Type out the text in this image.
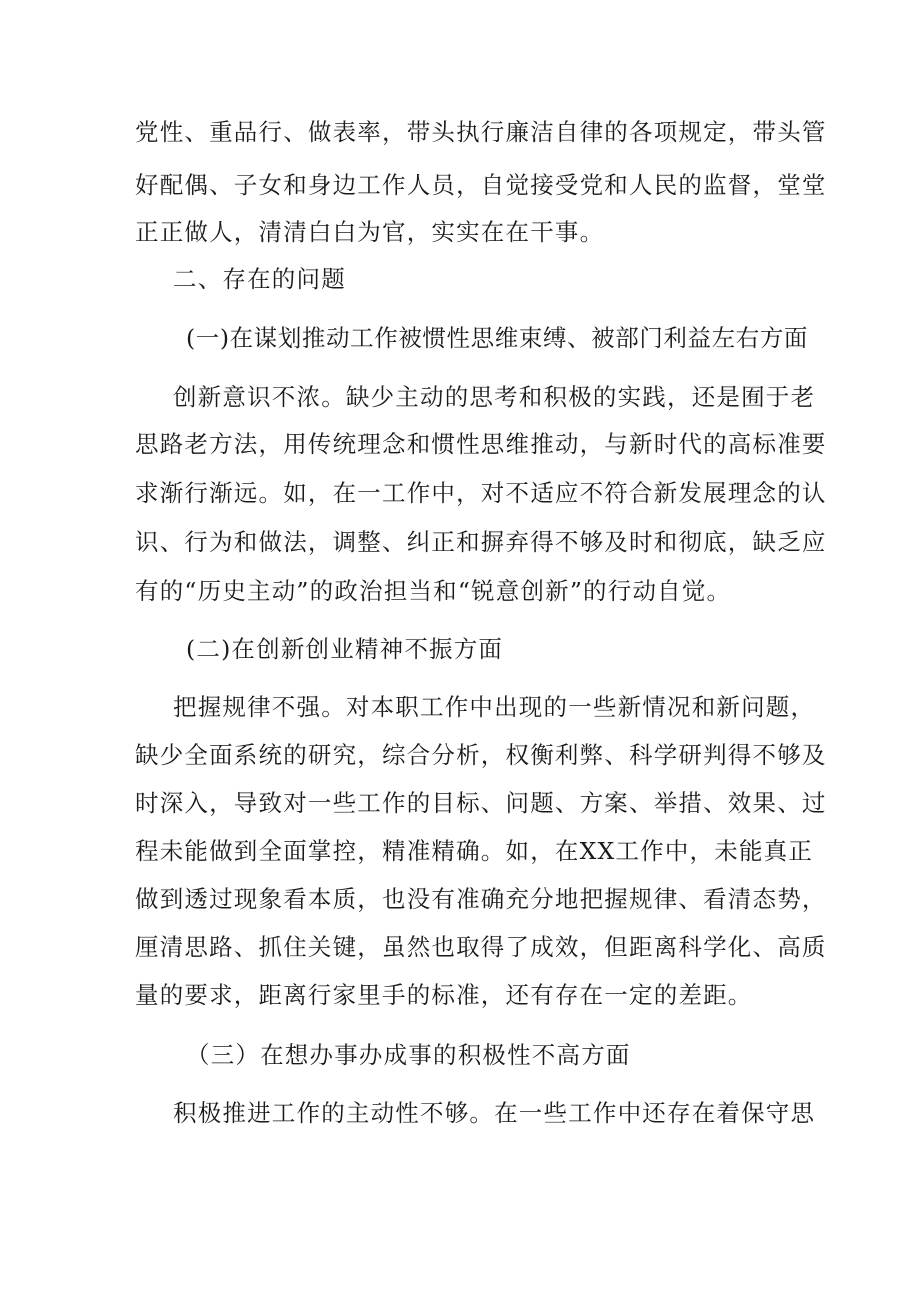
党性、重品行、做表率，带头执行廉洁自律的各项规定，带头管
好配偶、子女和身边工作人员，自觉接受党和人民的监督，堂堂
正正做人，清清白白为官，实实在在干事。
二、存在的问题
(一)在谋划推动工作被惯性思维束缚、被部门利益左右方面
创新意识不浓。缺少主动的思考和积极的实践，还是囿于老
思路老方法，用传统理念和惯性思维推动，与新时代的高标准要
求渐行渐远。如，在一工作中，对不适应不符合新发展理念的认
识、行为和做法，调整、纠正和摒弃得不够及时和彻底，缺乏应
有的“历史主动”的政治担当和“锐意创新”的行动自觉。
(二)在创新创业精神不振方面
把握规律不强。对本职工作中出现的一些新情况和新问题，
缺少全面系统的研究，综合分析，权衡利弊、科学研判得不够及
时深入，导致对一些工作的目标、问题、方案、举措、效果、过
程未能做到全面掌控，精准精确。如，在XX工作中，未能真正
做到透过现象看本质，也没有准确充分地把握规律、看清态势，
厘清思路、抓住关键，虽然也取得了成效，但距离科学化、高质
量的要求，距离行家里手的标准，还有存在一定的差距。
（三）在想办事办成事的积极性不高方面
积极推进工作的主动性不够。在一些工作中还存在着保守思
